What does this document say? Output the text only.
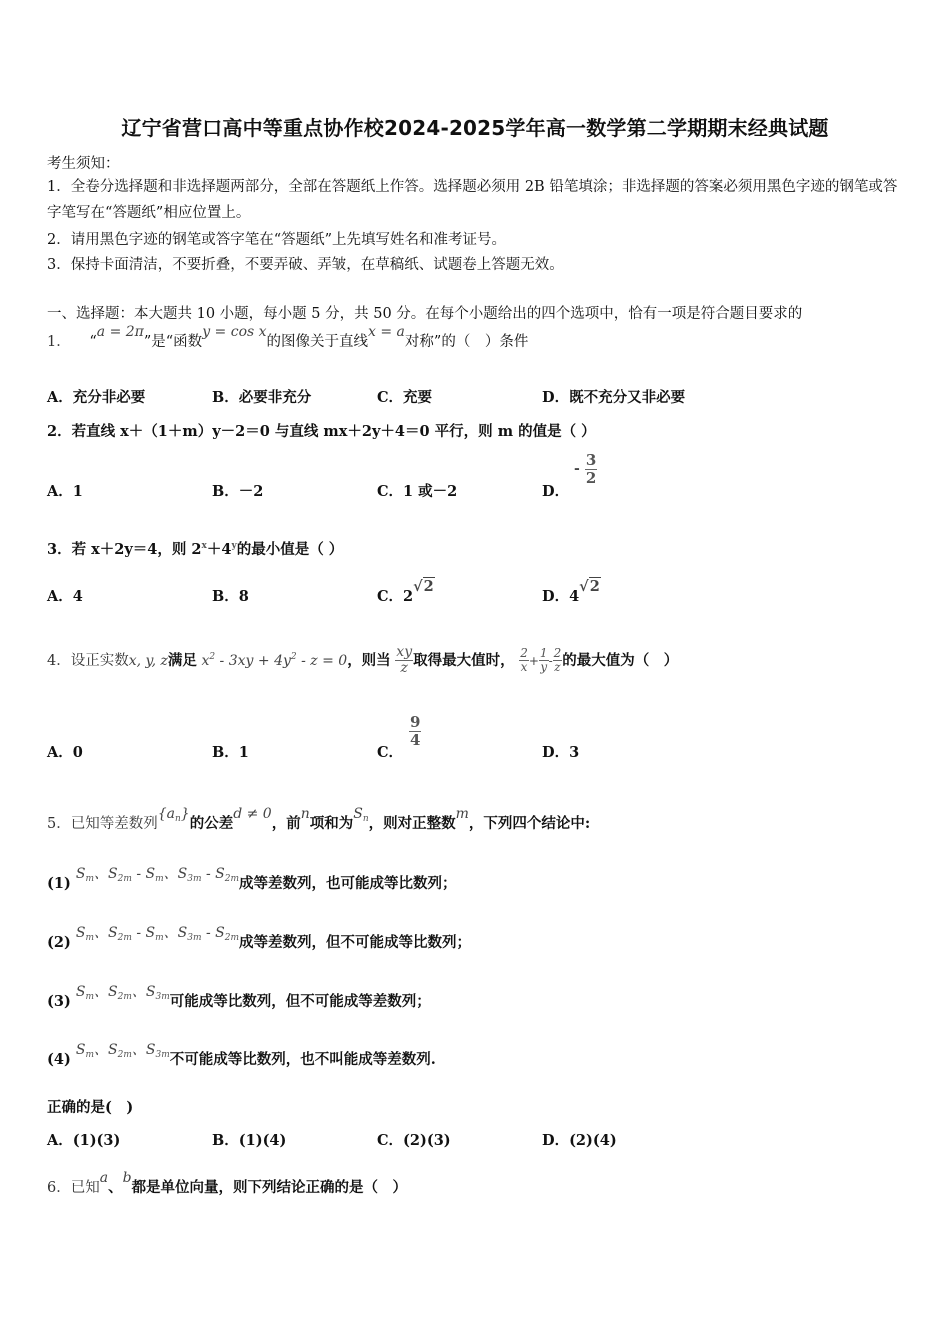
辽宁省营口高中等重点协作校2024-2025学年高一数学第二学期期末经典试题
考生须知：
1．全卷分选择题和非选择题两部分，全部在答题纸上作答。选择题必须用 2B 铅笔填涂；非选择题的答案必须用黑色字迹的钢笔或答字笔写在“答题纸”相应位置上。
2．请用黑色字迹的钢笔或答字笔在“答题纸”上先填写姓名和准考证号。
3．保持卡面清洁，不要折叠，不要弄破、弄皱，在草稿纸、试题卷上答题无效。
一、选择题：本大题共 10 小题，每小题 5 分，共 50 分。在每个小题给出的四个选项中，恰有一项是符合题目要求的
1． “a = 2π”是“函数y = cos x的图像关于直线x = a对称”的（　）条件
A．充分非必要	B．必要非充分	C．充要	D．既不充分又非必要
2．若直线 x＋（1＋m）y－2＝0 与直线 mx＋2y＋4＝0 平行，则 m 的值是（ ）
A．1	B．－2	C．1 或－2	D．
- $\frac{3}{2}$
3．若 x＋2y＝4，则 $2^x+4^y$的最小值是（ ）
A．4	B．8	C．2√2
D．4√2
4．设正实数x, y, z满足 $x^2 - 3xy + 4y^2 - z = 0$，则当 $\frac{xy}{z}$ 取得最大值时， $\frac{2}{x} + \frac{1}{y} - \frac{2}{z}$ 的最大值为（　）
A．0	B．1	C．
$\frac{9}{4}$
D．3
5．已知等差数列$\{a_n\}$的公差d ≠ 0，前n项和为$S_n$，则对正整数m，下列四个结论中:
(1) $S_m$、$S_{2m} - S_m$、$S_{3m} - S_{2m}$成等差数列，也可能成等比数列；
(2) $S_m$、$S_{2m} - S_m$、$S_{3m} - S_{2m}$成等差数列，但不可能成等比数列；
(3) $S_m$、$S_{2m}$、$S_{3m}$可能成等比数列，但不可能成等差数列；
(4) $S_m$、$S_{2m}$、$S_{3m}$不可能成等比数列，也不叫能成等差数列.
正确的是(　)
A．(1)(3)	B．(1)(4)	C．(2)(3)	D．(2)(4)
6．已知a、b都是单位向量，则下列结论正确的是（　）
